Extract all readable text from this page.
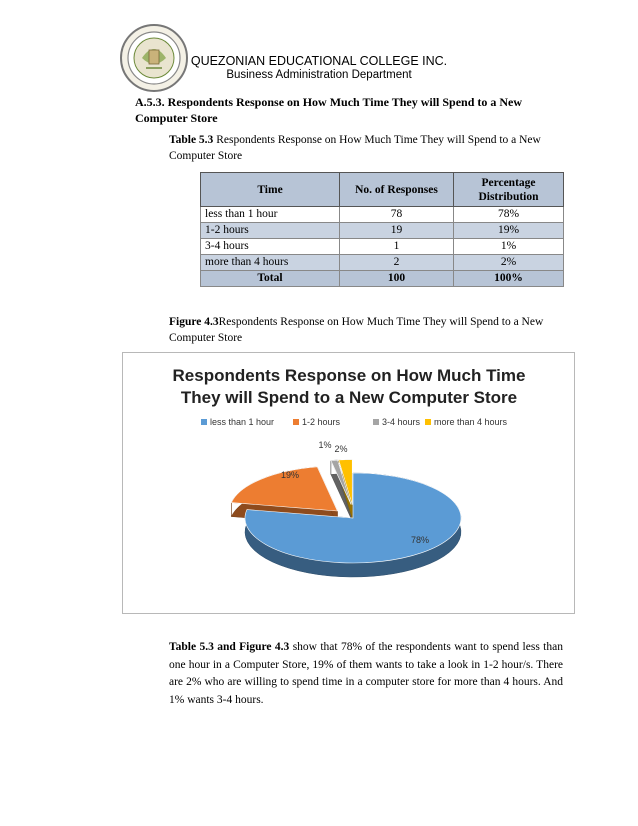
QUEZONIAN EDUCATIONAL COLLEGE INC.
Business Administration Department
A.5.3. Respondents Response on How Much Time They will Spend to a New Computer Store
Table 5.3 Respondents Response on How Much Time They will Spend to a New Computer Store
Time	No. of Responses	Percentage Distribution
less than 1 hour	78	78%
1-2 hours	19	19%
3-4 hours	1	1%
more than 4 hours	2	2%
Total	100	100%
Figure 4.3Respondents Response on How Much Time They will Spend to a New Computer Store
Respondents Response on How Much Time
They will Spend to a New Computer Store
less than 1 hour	1-2 hours	3-4 hours more than 4 hours
78%
19%
1% 2%
Table 5.3 and Figure 4.3 show that 78% of the respondents want to spend less than one hour in a Computer Store, 19% of them wants to take a look in 1-2 hour/s. There are 2% who are willing to spend time in a computer store for more than 4 hours. And 1% wants 3-4 hours.
